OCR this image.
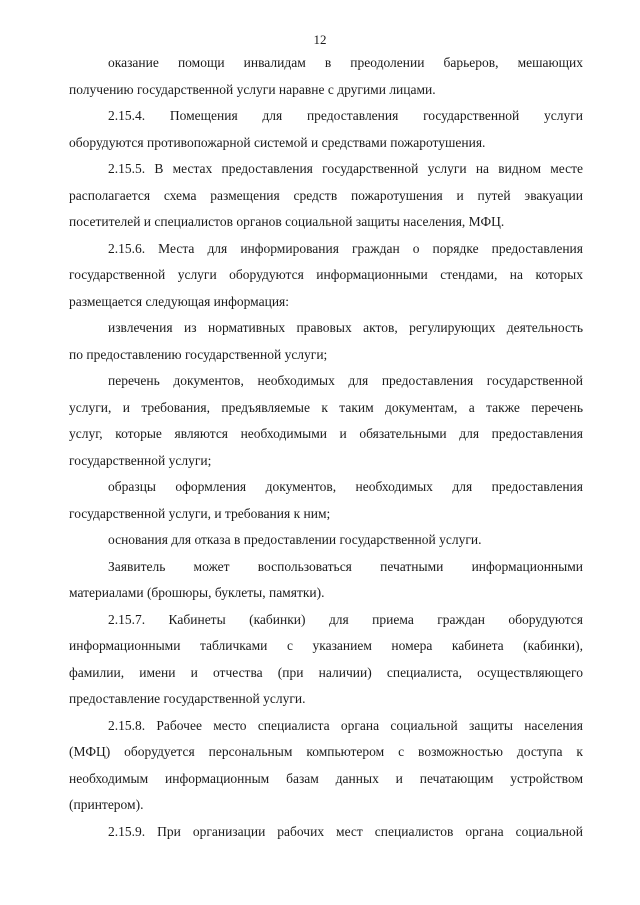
12
оказание помощи инвалидам в преодолении барьеров, мешающих
получению государственной услуги наравне с другими лицами.
2.15.4. Помещения для предоставления государственной услуги
оборудуются противопожарной системой и средствами пожаротушения.
2.15.5. В местах предоставления государственной услуги на видном месте
располагается схема размещения средств пожаротушения и путей эвакуации
посетителей и специалистов органов социальной защиты населения, МФЦ.
2.15.6. Места для информирования граждан о порядке предоставления
государственной услуги оборудуются информационными стендами, на которых
размещается следующая информация:
извлечения из нормативных правовых актов, регулирующих деятельность
по предоставлению государственной услуги;
перечень документов, необходимых для предоставления государственной
услуги, и требования, предъявляемые к таким документам, а также перечень
услуг, которые являются необходимыми и обязательными для предоставления
государственной услуги;
образцы оформления документов, необходимых для предоставления
государственной услуги, и требования к ним;
основания для отказа в предоставлении государственной услуги.
Заявитель может воспользоваться печатными информационными
материалами (брошюры, буклеты, памятки).
2.15.7. Кабинеты (кабинки) для приема граждан оборудуются
информационными табличками с указанием номера кабинета (кабинки),
фамилии, имени и отчества (при наличии) специалиста, осуществляющего
предоставление государственной услуги.
2.15.8. Рабочее место специалиста органа социальной защиты населения
(МФЦ) оборудуется персональным компьютером с возможностью доступа к
необходимым информационным базам данных и печатающим устройством
(принтером).
2.15.9. При организации рабочих мест специалистов органа социальной
